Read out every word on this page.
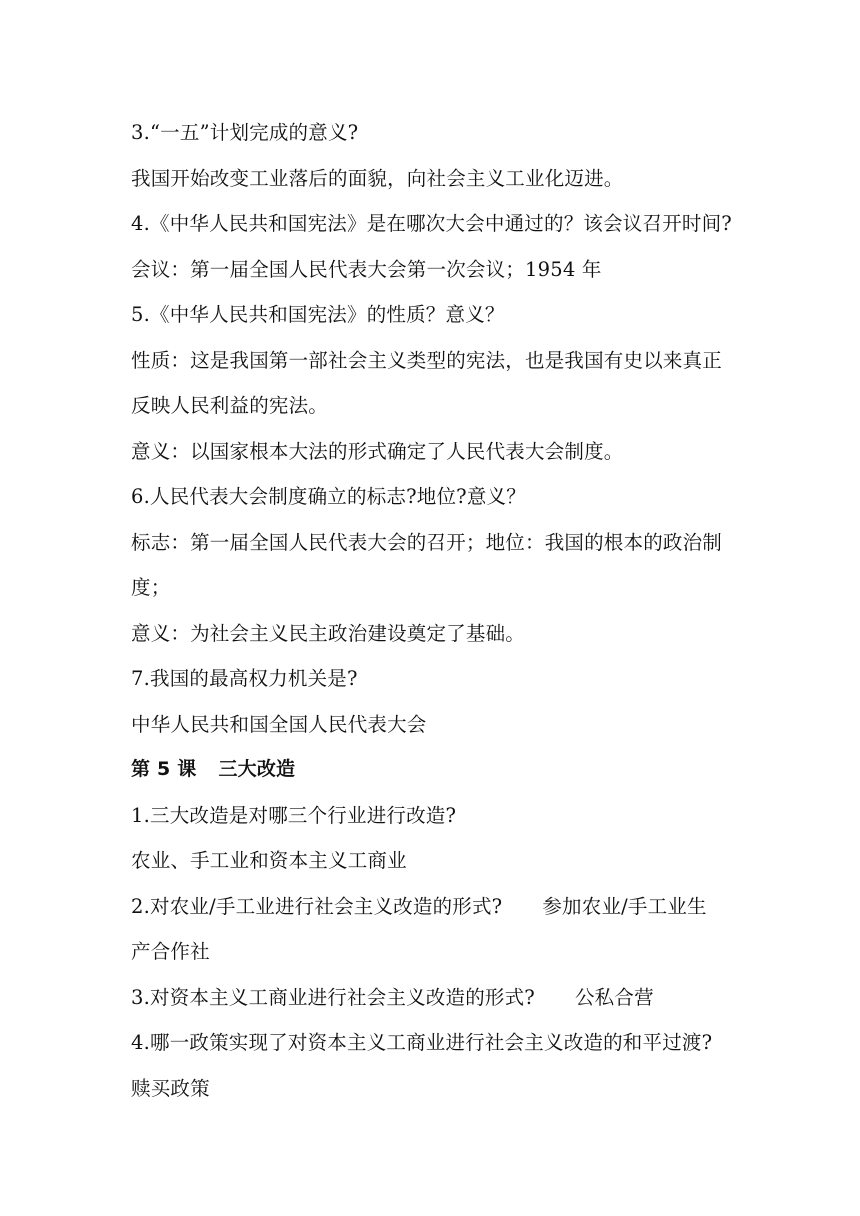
3.“一五”计划完成的意义?
我国开始改变工业落后的面貌，向社会主义工业化迈进。
4.《中华人民共和国宪法》是在哪次大会中通过的？该会议召开时间?
会议：第一届全国人民代表大会第一次会议；1954 年
5.《中华人民共和国宪法》的性质？意义？
性质：这是我国第一部社会主义类型的宪法，也是我国有史以来真正
反映人民利益的宪法。
意义：以国家根本大法的形式确定了人民代表大会制度。
6.人民代表大会制度确立的标志?地位?意义？
标志：第一届全国人民代表大会的召开；地位：我国的根本的政治制
度；
意义：为社会主义民主政治建设奠定了基础。
7.我国的最高权力机关是?
中华人民共和国全国人民代表大会
第 5 课 三大改造
1.三大改造是对哪三个行业进行改造?
农业、手工业和资本主义工商业
2.对农业/手工业进行社会主义改造的形式? 参加农业/手工业生
产合作社
3.对资本主义工商业进行社会主义改造的形式? 公私合营
4.哪一政策实现了对资本主义工商业进行社会主义改造的和平过渡?
赎买政策
